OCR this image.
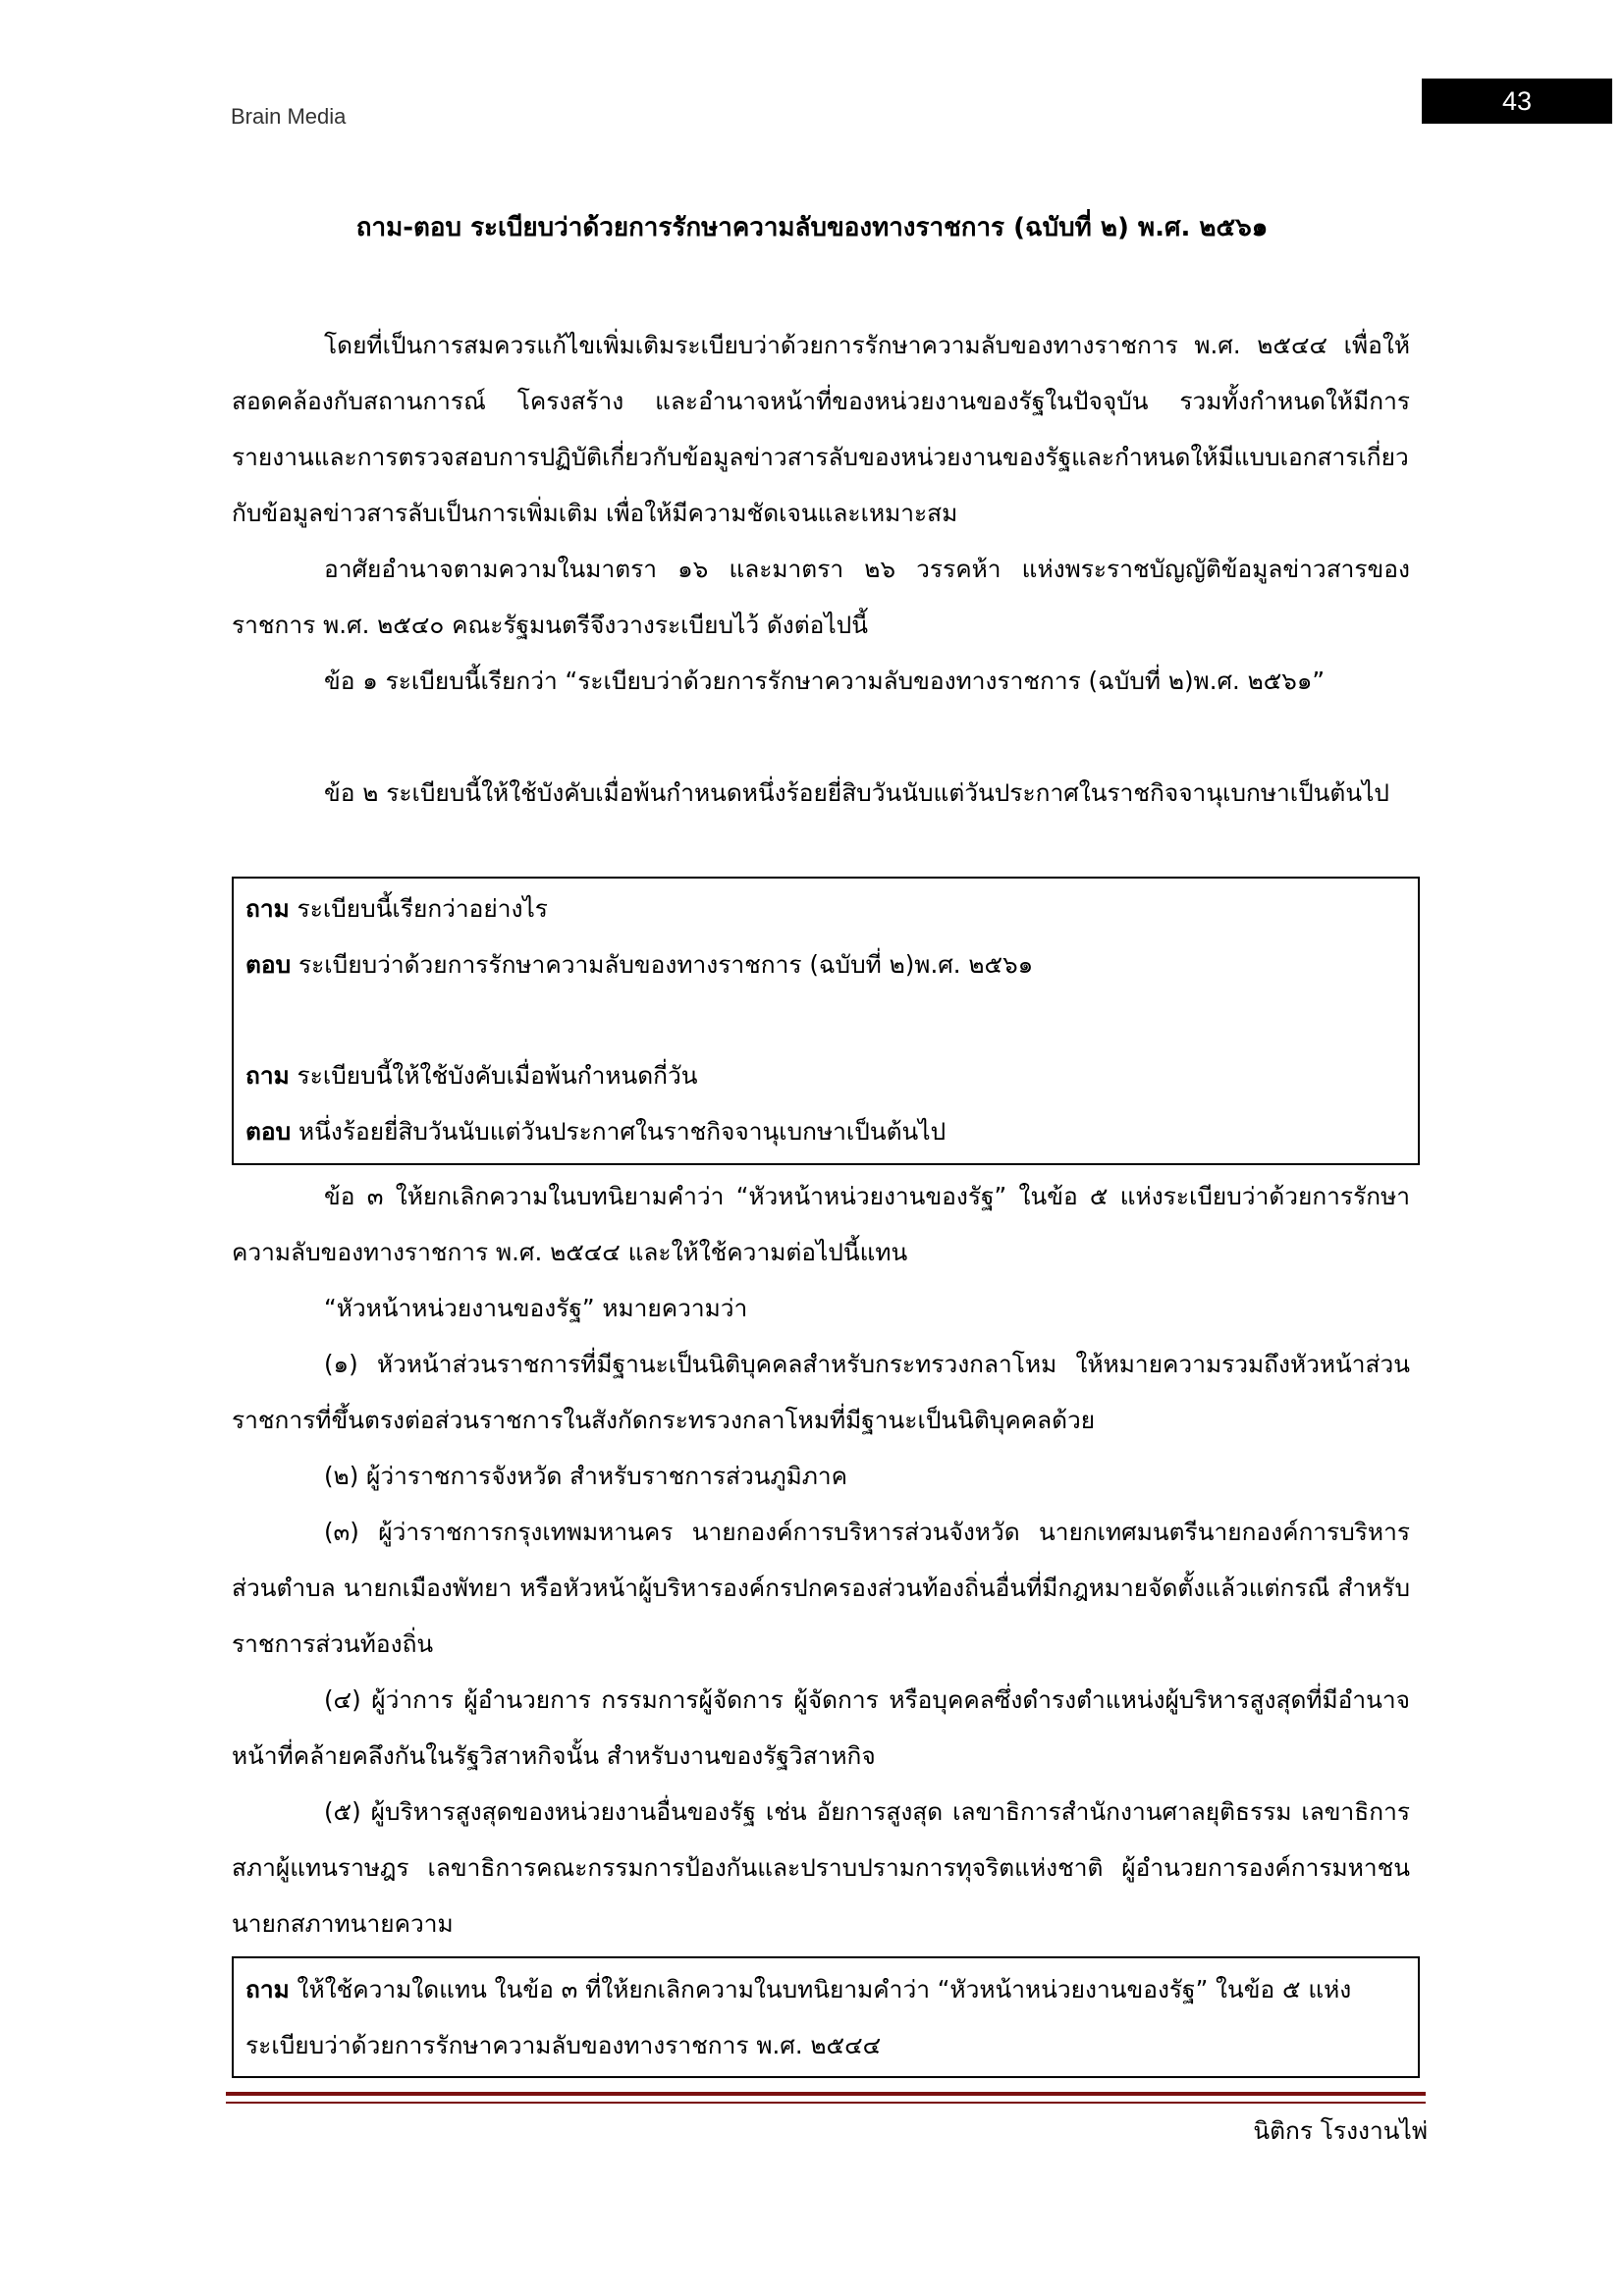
Brain Media
43
ถาม-ตอบ ระเบียบว่าด้วยการรักษาความลับของทางราชการ (ฉบับที่ ๒) พ.ศ. ๒๕๖๑

โดยที่เป็นการสมควรแก้ไขเพิ่มเติมระเบียบว่าด้วยการรักษาความลับของทางราชการ พ.ศ. ๒๕๔๔ เพื่อให้สอดคล้องกับสถานการณ์ โครงสร้าง และอำนาจหน้าที่ของหน่วยงานของรัฐในปัจจุบัน รวมทั้งกำหนดให้มีการรายงานและการตรวจสอบการปฏิบัติเกี่ยวกับข้อมูลข่าวสารลับของหน่วยงานของรัฐและกำหนดให้มีแบบเอกสารเกี่ยวกับข้อมูลข่าวสารลับเป็นการเพิ่มเติม เพื่อให้มีความชัดเจนและเหมาะสม

อาศัยอำนาจตามความในมาตรา ๑๖ และมาตรา ๒๖ วรรคห้า แห่งพระราชบัญญัติข้อมูลข่าวสารของราชการ พ.ศ. ๒๕๔๐ คณะรัฐมนตรีจึงวางระเบียบไว้ ดังต่อไปนี้

ข้อ ๑ ระเบียบนี้เรียกว่า “ระเบียบว่าด้วยการรักษาความลับของทางราชการ (ฉบับที่ ๒)พ.ศ. ๒๕๖๑”

ข้อ ๒ ระเบียบนี้ให้ใช้บังคับเมื่อพ้นกำหนดหนึ่งร้อยยี่สิบวันนับแต่วันประกาศในราชกิจจานุเบกษาเป็นต้นไป

ถาม ระเบียบนี้เรียกว่าอย่างไร

ตอบ ระเบียบว่าด้วยการรักษาความลับของทางราชการ (ฉบับที่ ๒)พ.ศ. ๒๕๖๑

ถาม ระเบียบนี้ให้ใช้บังคับเมื่อพ้นกำหนดกี่วัน

ตอบ หนึ่งร้อยยี่สิบวันนับแต่วันประกาศในราชกิจจานุเบกษาเป็นต้นไป

ข้อ ๓ ให้ยกเลิกความในบทนิยามคำว่า “หัวหน้าหน่วยงานของรัฐ” ในข้อ ๕ แห่งระเบียบว่าด้วยการรักษาความลับของทางราชการ พ.ศ. ๒๕๔๔ และให้ใช้ความต่อไปนี้แทน

“หัวหน้าหน่วยงานของรัฐ” หมายความว่า

(๑) หัวหน้าส่วนราชการที่มีฐานะเป็นนิติบุคคลสำหรับกระทรวงกลาโหม ให้หมายความรวมถึงหัวหน้าส่วนราชการที่ขึ้นตรงต่อส่วนราชการในสังกัดกระทรวงกลาโหมที่มีฐานะเป็นนิติบุคคลด้วย

(๒) ผู้ว่าราชการจังหวัด สำหรับราชการส่วนภูมิภาค

(๓) ผู้ว่าราชการกรุงเทพมหานคร นายกองค์การบริหารส่วนจังหวัด นายกเทศมนตรีนายกองค์การบริหารส่วนตำบล นายกเมืองพัทยา หรือหัวหน้าผู้บริหารองค์กรปกครองส่วนท้องถิ่นอื่นที่มีกฎหมายจัดตั้งแล้วแต่กรณี สำหรับราชการส่วนท้องถิ่น

(๔) ผู้ว่าการ ผู้อำนวยการ กรรมการผู้จัดการ ผู้จัดการ หรือบุคคลซึ่งดำรงตำแหน่งผู้บริหารสูงสุดที่มีอำนาจหน้าที่คล้ายคลึงกันในรัฐวิสาหกิจนั้น สำหรับงานของรัฐวิสาหกิจ

(๕) ผู้บริหารสูงสุดของหน่วยงานอื่นของรัฐ เช่น อัยการสูงสุด เลขาธิการสำนักงานศาลยุติธรรม เลขาธิการสภาผู้แทนราษฎร เลขาธิการคณะกรรมการป้องกันและปราบปรามการทุจริตแห่งชาติ ผู้อำนวยการองค์การมหาชน นายกสภาทนายความ

ถาม ให้ใช้ความใดแทน ในข้อ ๓ ที่ให้ยกเลิกความในบทนิยามคำว่า “หัวหน้าหน่วยงานของรัฐ” ในข้อ ๕ แห่งระเบียบว่าด้วยการรักษาความลับของทางราชการ พ.ศ. ๒๕๔๔

นิติกร โรงงานไพ่
